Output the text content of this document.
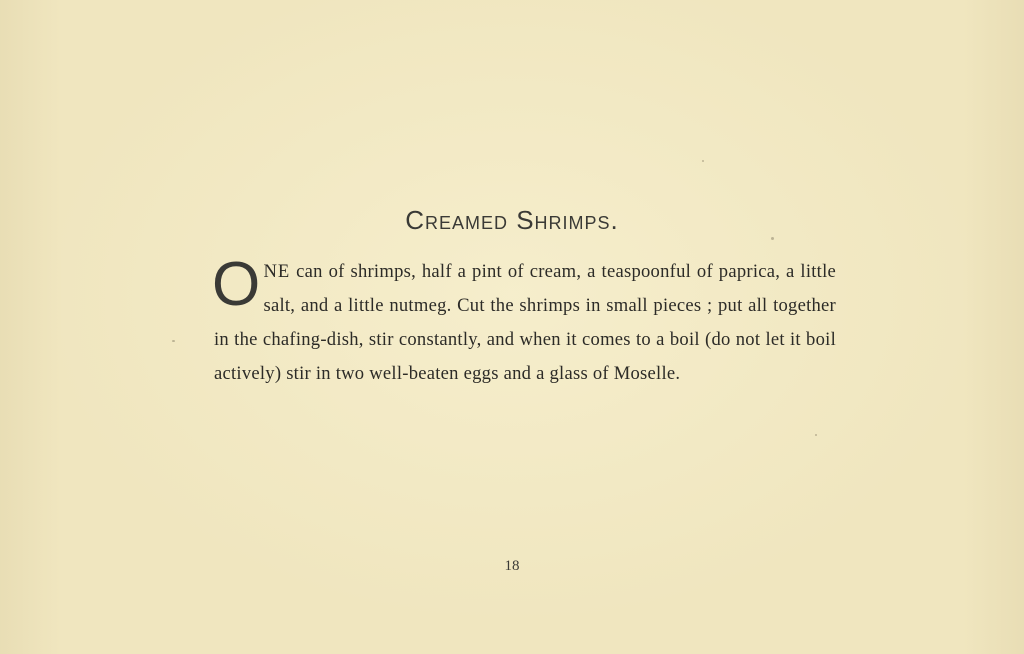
Creamed Shrimps.
ONE can of shrimps, half a pint of cream, a teaspoonful of paprica, a little salt, and a little nutmeg. Cut the shrimps in small pieces ; put all together in the chafing-dish, stir constantly, and when it comes to a boil (do not let it boil actively) stir in two well-beaten eggs and a glass of Moselle.
18
